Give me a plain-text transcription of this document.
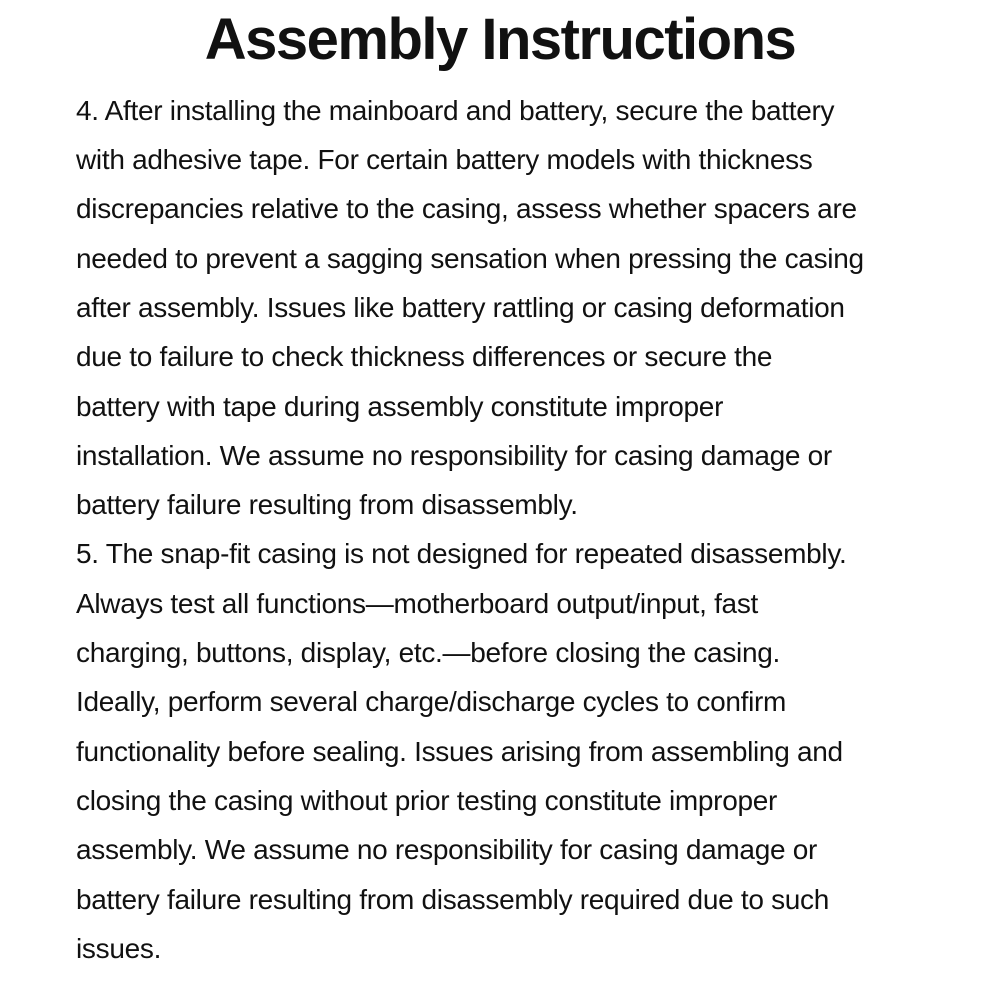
Assembly Instructions
4. After installing the mainboard and battery, secure the battery
with adhesive tape. For certain battery models with thickness
discrepancies relative to the casing, assess whether spacers are
needed to prevent a sagging sensation when pressing the casing
after assembly. Issues like battery rattling or casing deformation
due to failure to check thickness differences or secure the
battery with tape during assembly constitute improper
installation. We assume no responsibility for casing damage or
battery failure resulting from disassembly.
5. The snap-fit casing is not designed for repeated disassembly.
Always test all functions—motherboard output/input, fast
charging, buttons, display, etc.—before closing the casing.
Ideally, perform several charge/discharge cycles to confirm
functionality before sealing. Issues arising from assembling and
closing the casing without prior testing constitute improper
assembly. We assume no responsibility for casing damage or
battery failure resulting from disassembly required due to such
issues.
